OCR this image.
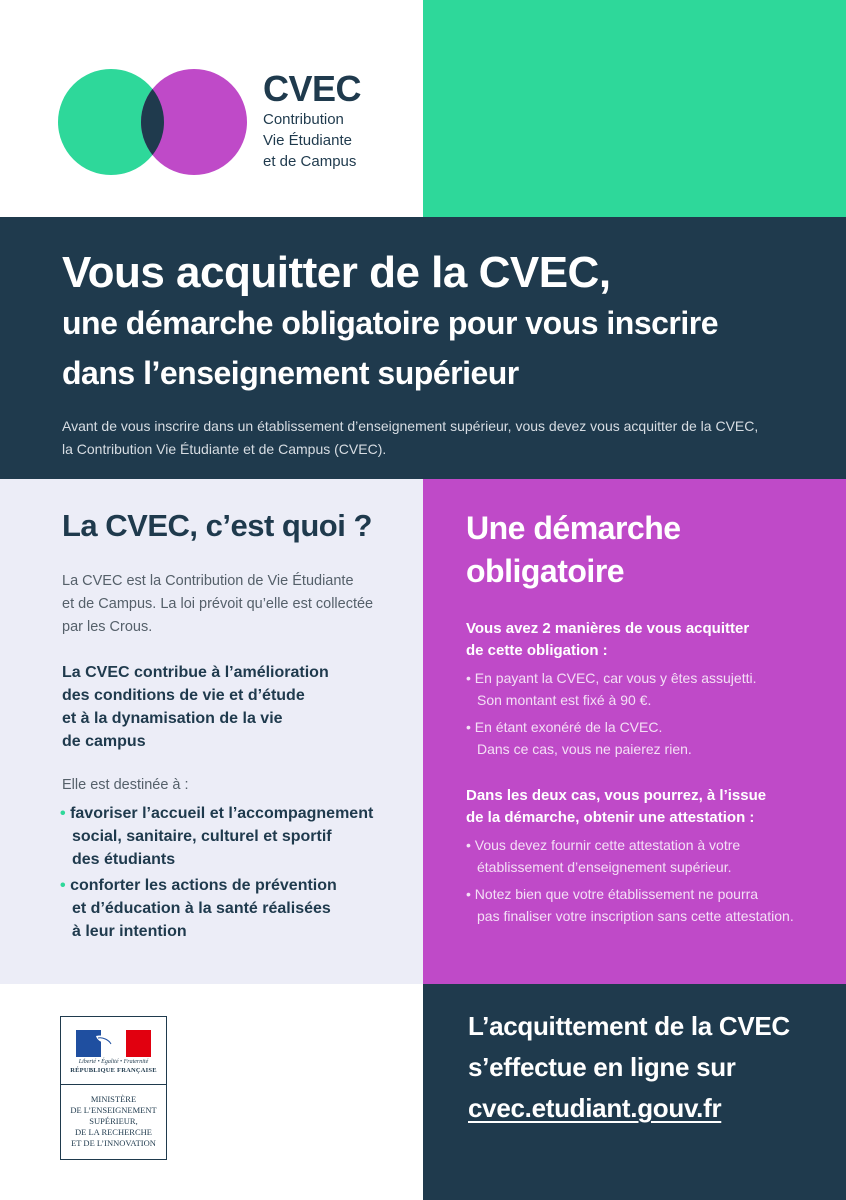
CVEC
Contribution
Vie Étudiante
et de Campus
Vous acquitter de la CVEC,
une démarche obligatoire pour vous inscrire
dans l’enseignement supérieur
Avant de vous inscrire dans un établissement d’enseignement supérieur, vous devez vous acquitter de la CVEC,
la Contribution Vie Étudiante et de Campus (CVEC).
La CVEC, c’est quoi ?
La CVEC est la Contribution de Vie Étudiante
et de Campus. La loi prévoit qu’elle est collectée
par les Crous.
La CVEC contribue à l’amélioration
des conditions de vie et d’étude
et à la dynamisation de la vie
de campus
Elle est destinée à :
• favoriser l’accueil et l’accompagnement
social, sanitaire, culturel et sportif
des étudiants
• conforter les actions de prévention
et d’éducation à la santé réalisées
à leur intention
Une démarche
obligatoire
Vous avez 2 manières de vous acquitter
de cette obligation :
• En payant la CVEC, car vous y êtes assujetti.
Son montant est fixé à 90 €.
• En étant exonéré de la CVEC.
Dans ce cas, vous ne paierez rien.
Dans les deux cas, vous pourrez, à l’issue
de la démarche, obtenir une attestation :
• Vous devez fournir cette attestation à votre
établissement d’enseignement supérieur.
• Notez bien que votre établissement ne pourra
pas finaliser votre inscription sans cette attestation.
L’acquittement de la CVEC
s’effectue en ligne sur
cvec.etudiant.gouv.fr
Liberté • Égalité • Fraternité
RÉPUBLIQUE FRANÇAISE
MINISTÈRE
DE L’ENSEIGNEMENT
SUPÉRIEUR,
DE LA RECHERCHE
ET DE L’INNOVATION
